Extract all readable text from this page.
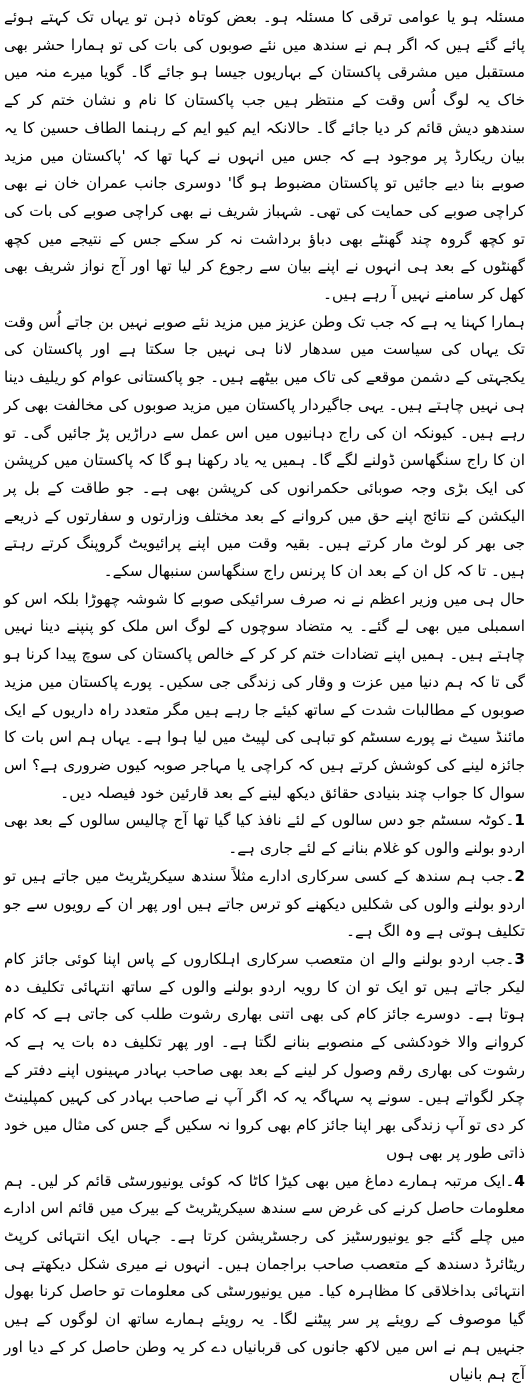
مسئلہ ہو یا عوامی ترقی کا مسئلہ ہو۔ بعض کوتاہ ذہن تو یہاں تک کہتے ہوئے پائے گئے ہیں کہ اگر ہم نے سندھ میں نئے صوبوں کی بات کی تو ہمارا حشر بھی مستقبل میں مشرقی پاکستان کے بہاریوں جیسا ہو جائے گا۔ گویا میرے منہ میں خاک یہ لوگ اُس وقت کے منتظر ہیں جب پاکستان کا نام و نشان ختم کر کے سندھو دیش قائم کر دیا جائے گا۔ حالانکہ ایم کیو ایم کے رہنما الطاف حسین کا یہ بیان ریکارڈ پر موجود ہے کہ جس میں انہوں نے کہا تھا کہ 'پاکستان میں مزید صوبے بنا دیے جائیں تو پاکستان مضبوط ہو گا' دوسری جانب عمران خان نے بھی کراچی صوبے کی حمایت کی تھی۔ شہباز شریف نے بھی کراچی صوبے کی بات کی تو کچھ گروہ چند گھنٹے بھی دباؤ برداشت نہ کر سکے جس کے نتیجے میں کچھ گھنٹوں کے بعد ہی انہوں نے اپنے بیان سے رجوع کر لیا تھا اور آج نواز شریف بھی کھل کر سامنے نہیں آ رہے ہیں۔

ہمارا کہنا یہ ہے کہ جب تک وطن عزیز میں مزید نئے صوبے نہیں بن جاتے اُس وقت تک یہاں کی سیاست میں سدھار لانا ہی نہیں جا سکتا ہے اور پاکستان کی یکجہتی کے دشمن موقعے کی تاک میں بیٹھے ہیں۔ جو پاکستانی عوام کو ریلیف دینا ہی نہیں چاہتے ہیں۔ یہی جاگیردار پاکستان میں مزید صوبوں کی مخالفت بھی کر رہے ہیں۔ کیونکہ ان کی راج دہانیوں میں اس عمل سے دراڑیں پڑ جائیں گی۔ تو ان کا راج سنگھاسن ڈولنے لگے گا۔ ہمیں یہ یاد رکھنا ہو گا کہ پاکستان میں کرپشن کی ایک بڑی وجہ صوبائی حکمرانوں کی کرپشن بھی ہے۔ جو طاقت کے بل پر الیکشن کے نتائج اپنے حق میں کروانے کے بعد مختلف وزارتوں و سفارتوں کے ذریعے جی بھر کر لوٹ مار کرتے ہیں۔ بقیہ وقت میں اپنے پرائیویٹ گروپنگ کرتے رہتے ہیں۔ تا کہ کل ان کے بعد ان کا پرنس راج سنگھاسن سنبھال سکے۔

حال ہی میں وزیر اعظم نے نہ صرف سرائیکی صوبے کا شوشہ چھوڑا بلکہ اس کو اسمبلی میں بھی لے گئے۔ یہ متضاد سوچوں کے لوگ اس ملک کو پنپنے دینا نہیں چاہتے ہیں۔ ہمیں اپنے تضادات ختم کر کر کے خالص پاکستان کی سوچ پیدا کرنا ہو گی تا کہ ہم دنیا میں عزت و وقار کی زندگی جی سکیں۔ پورے پاکستان میں مزید صوبوں کے مطالبات شدت کے ساتھ کیئے جا رہے ہیں مگر متعدد راہ داریوں کے ایک مائنڈ سیٹ نے پورے سسٹم کو تباہی کی لپیٹ میں لیا ہوا ہے۔ یہاں ہم اس بات کا جائزہ لینے کی کوشش کرتے ہیں کہ کراچی یا مہاجر صوبہ کیوں ضروری ہے؟ اس سوال کا جواب چند بنیادی حقائق دیکھ لینے کے بعد قارئین خود فیصلہ دیں۔

1۔کوٹہ سسٹم جو دس سالوں کے لئے نافذ کیا گیا تھا آج چالیس سالوں کے بعد بھی اردو بولنے والوں کو غلام بنانے کے لئے جاری ہے۔

2۔جب ہم سندھ کے کسی سرکاری ادارے مثلاً سندھ سیکریٹریٹ میں جاتے ہیں تو اردو بولنے والوں کی شکلیں دیکھنے کو ترس جاتے ہیں اور پھر ان کے رویوں سے جو تکلیف ہوتی ہے وہ الگ ہے۔

3۔جب اردو بولنے والے ان متعصب سرکاری اہلکاروں کے پاس اپنا کوئی جائز کام لیکر جاتے ہیں تو ایک تو ان کا رویہ اردو بولنے والوں کے ساتھ انتہائی تکلیف دہ ہوتا ہے۔ دوسرے جائز کام کی بھی اتنی بھاری رشوت طلب کی جاتی ہے کہ کام کروانے والا خودکشی کے منصوبے بنانے لگتا ہے۔ اور پھر تکلیف دہ بات یہ ہے کہ رشوت کی بھاری رقم وصول کر لینے کے بعد بھی صاحب بہادر مہینوں اپنے دفتر کے چکر لگواتے ہیں۔ سونے پہ سہاگہ یہ کہ اگر آپ نے صاحب بہادر کی کہیں کمپلینٹ کر دی تو آپ زندگی بھر اپنا جائز کام بھی کروا نہ سکیں گے جس کی مثال میں خود ذاتی طور پر بھی ہوں

4۔ایک مرتبہ ہمارے دماغ میں بھی کیڑا کاٹا کہ کوئی یونیورسٹی قائم کر لیں۔ ہم معلومات حاصل کرنے کی غرض سے سندھ سیکریٹریٹ کے بیرک میں قائم اس ادارے میں چلے گئے جو یونیورسٹیز کی رجسٹریشن کرتا ہے۔ جہاں ایک انتہائی کرپٹ ریٹائرڈ دسندھ کے متعصب صاحب براجمان ہیں۔ انہوں نے میری شکل دیکھتے ہی انتہائی بداخلاقی کا مظاہرہ کیا۔ میں یونیورسٹی کی معلومات تو حاصل کرنا بھول گیا موصوف کے رویئے پر سر پیٹنے لگا۔ یہ رویئے ہمارے ساتھ ان لوگوں کے ہیں جنہیں ہم نے اس میں لاکھ جانوں کی قربانیاں دے کر یہ وطن حاصل کر کے دیا اور آج ہم بانیاں
